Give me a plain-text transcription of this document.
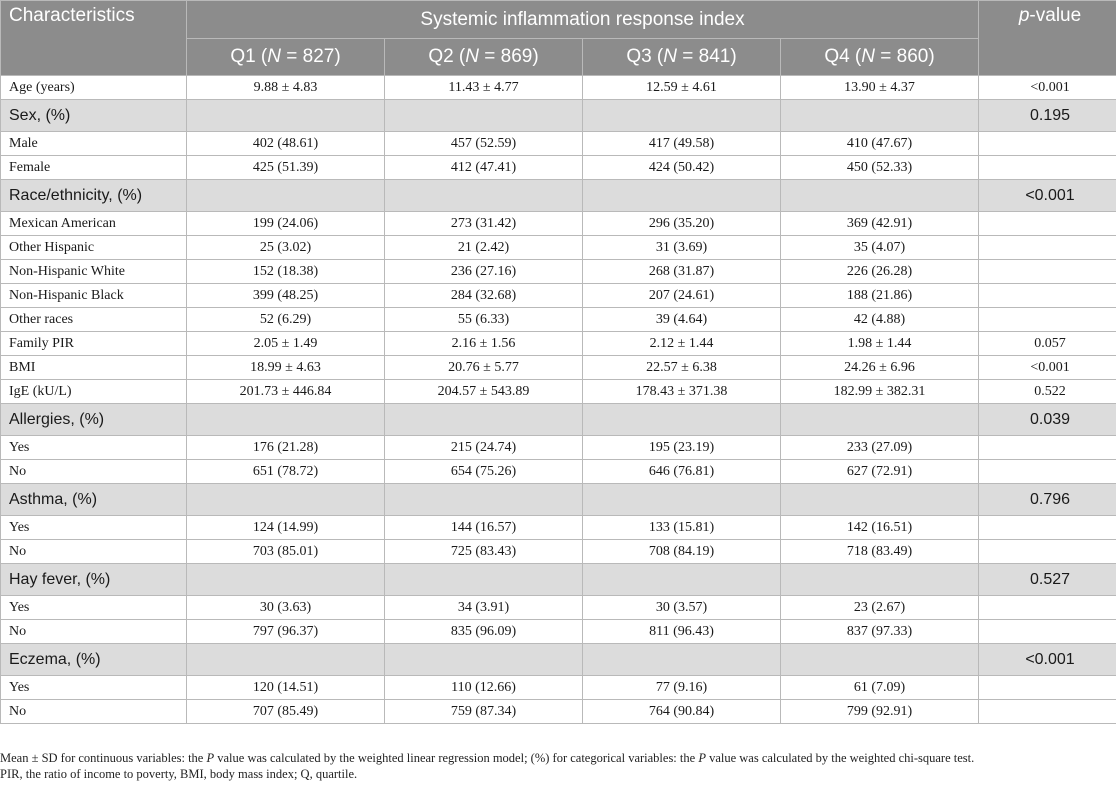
Characteristics	Systemic inflammation response index				p-value
	Q1 (N = 827)	Q2 (N = 869)	Q3 (N = 841)	Q4 (N = 860)	
Age (years)	9.88 ± 4.83	11.43 ± 4.77	12.59 ± 4.61	13.90 ± 4.37	<0.001
Sex, (%)					0.195
Male	402 (48.61)	457 (52.59)	417 (49.58)	410 (47.67)	
Female	425 (51.39)	412 (47.41)	424 (50.42)	450 (52.33)	
Race/ethnicity, (%)					<0.001
Mexican American	199 (24.06)	273 (31.42)	296 (35.20)	369 (42.91)	
Other Hispanic	25 (3.02)	21 (2.42)	31 (3.69)	35 (4.07)	
Non-Hispanic White	152 (18.38)	236 (27.16)	268 (31.87)	226 (26.28)	
Non-Hispanic Black	399 (48.25)	284 (32.68)	207 (24.61)	188 (21.86)	
Other races	52 (6.29)	55 (6.33)	39 (4.64)	42 (4.88)	
Family PIR	2.05 ± 1.49	2.16 ± 1.56	2.12 ± 1.44	1.98 ± 1.44	0.057
BMI	18.99 ± 4.63	20.76 ± 5.77	22.57 ± 6.38	24.26 ± 6.96	<0.001
IgE (kU/L)	201.73 ± 446.84	204.57 ± 543.89	178.43 ± 371.38	182.99 ± 382.31	0.522
Allergies, (%)					0.039
Yes	176 (21.28)	215 (24.74)	195 (23.19)	233 (27.09)	
No	651 (78.72)	654 (75.26)	646 (76.81)	627 (72.91)	
Asthma, (%)					0.796
Yes	124 (14.99)	144 (16.57)	133 (15.81)	142 (16.51)	
No	703 (85.01)	725 (83.43)	708 (84.19)	718 (83.49)	
Hay fever, (%)					0.527
Yes	30 (3.63)	34 (3.91)	30 (3.57)	23 (2.67)	
No	797 (96.37)	835 (96.09)	811 (96.43)	837 (97.33)	
Eczema, (%)					<0.001
Yes	120 (14.51)	110 (12.66)	77 (9.16)	61 (7.09)	
No	707 (85.49)	759 (87.34)	764 (90.84)	799 (92.91)	
Mean ± SD for continuous variables: the P value was calculated by the weighted linear regression model; (%) for categorical variables: the P value was calculated by the weighted chi-square test.
PIR, the ratio of income to poverty, BMI, body mass index; Q, quartile.
